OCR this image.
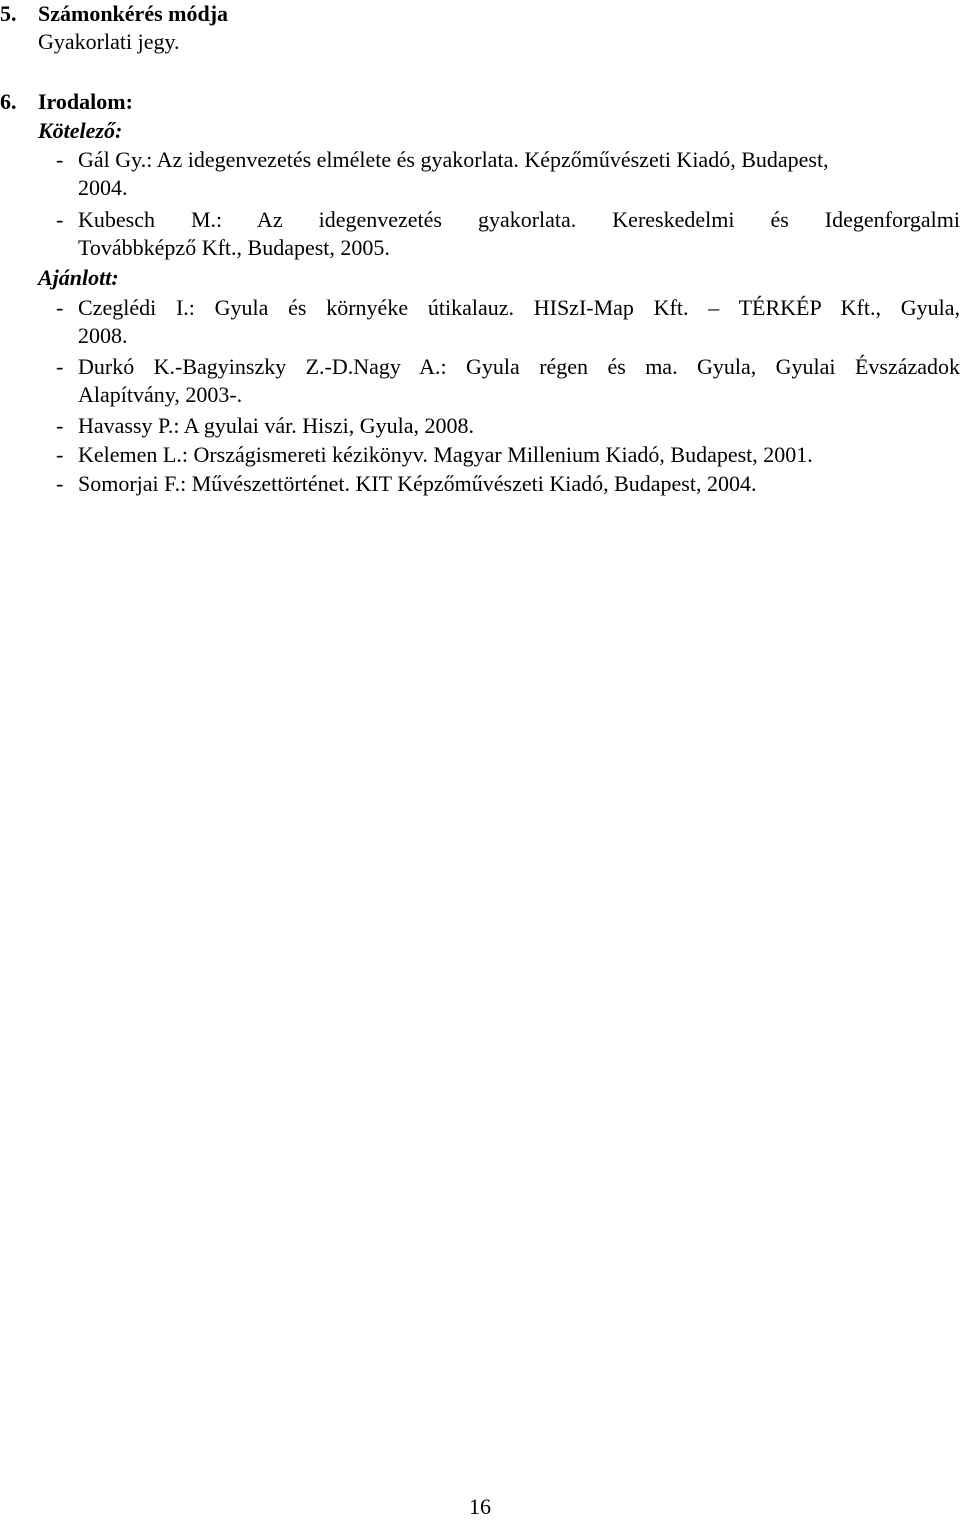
5. Számonkérés módja
Gyakorlati jegy.
6. Irodalom:
Kötelező:
- Gál Gy.: Az idegenvezetés elmélete és gyakorlata. Képzőművészeti Kiadó, Budapest,
2004.
- Kubesch M.: Az idegenvezetés gyakorlata. Kereskedelmi és Idegenforgalmi
Továbbképző Kft., Budapest, 2005.
Ajánlott:
- Czeglédi I.: Gyula és környéke útikalauz. HISzI-Map Kft. – TÉRKÉP Kft., Gyula,
2008.
- Durkó K.-Bagyinszky Z.-D.Nagy A.: Gyula régen és ma. Gyula, Gyulai Évszázadok
Alapítvány, 2003-.
- Havassy P.: A gyulai vár. Hiszi, Gyula, 2008.
- Kelemen L.: Országismereti kézikönyv. Magyar Millenium Kiadó, Budapest, 2001.
- Somorjai F.: Művészettörténet. KIT Képzőművészeti Kiadó, Budapest, 2004.
16
